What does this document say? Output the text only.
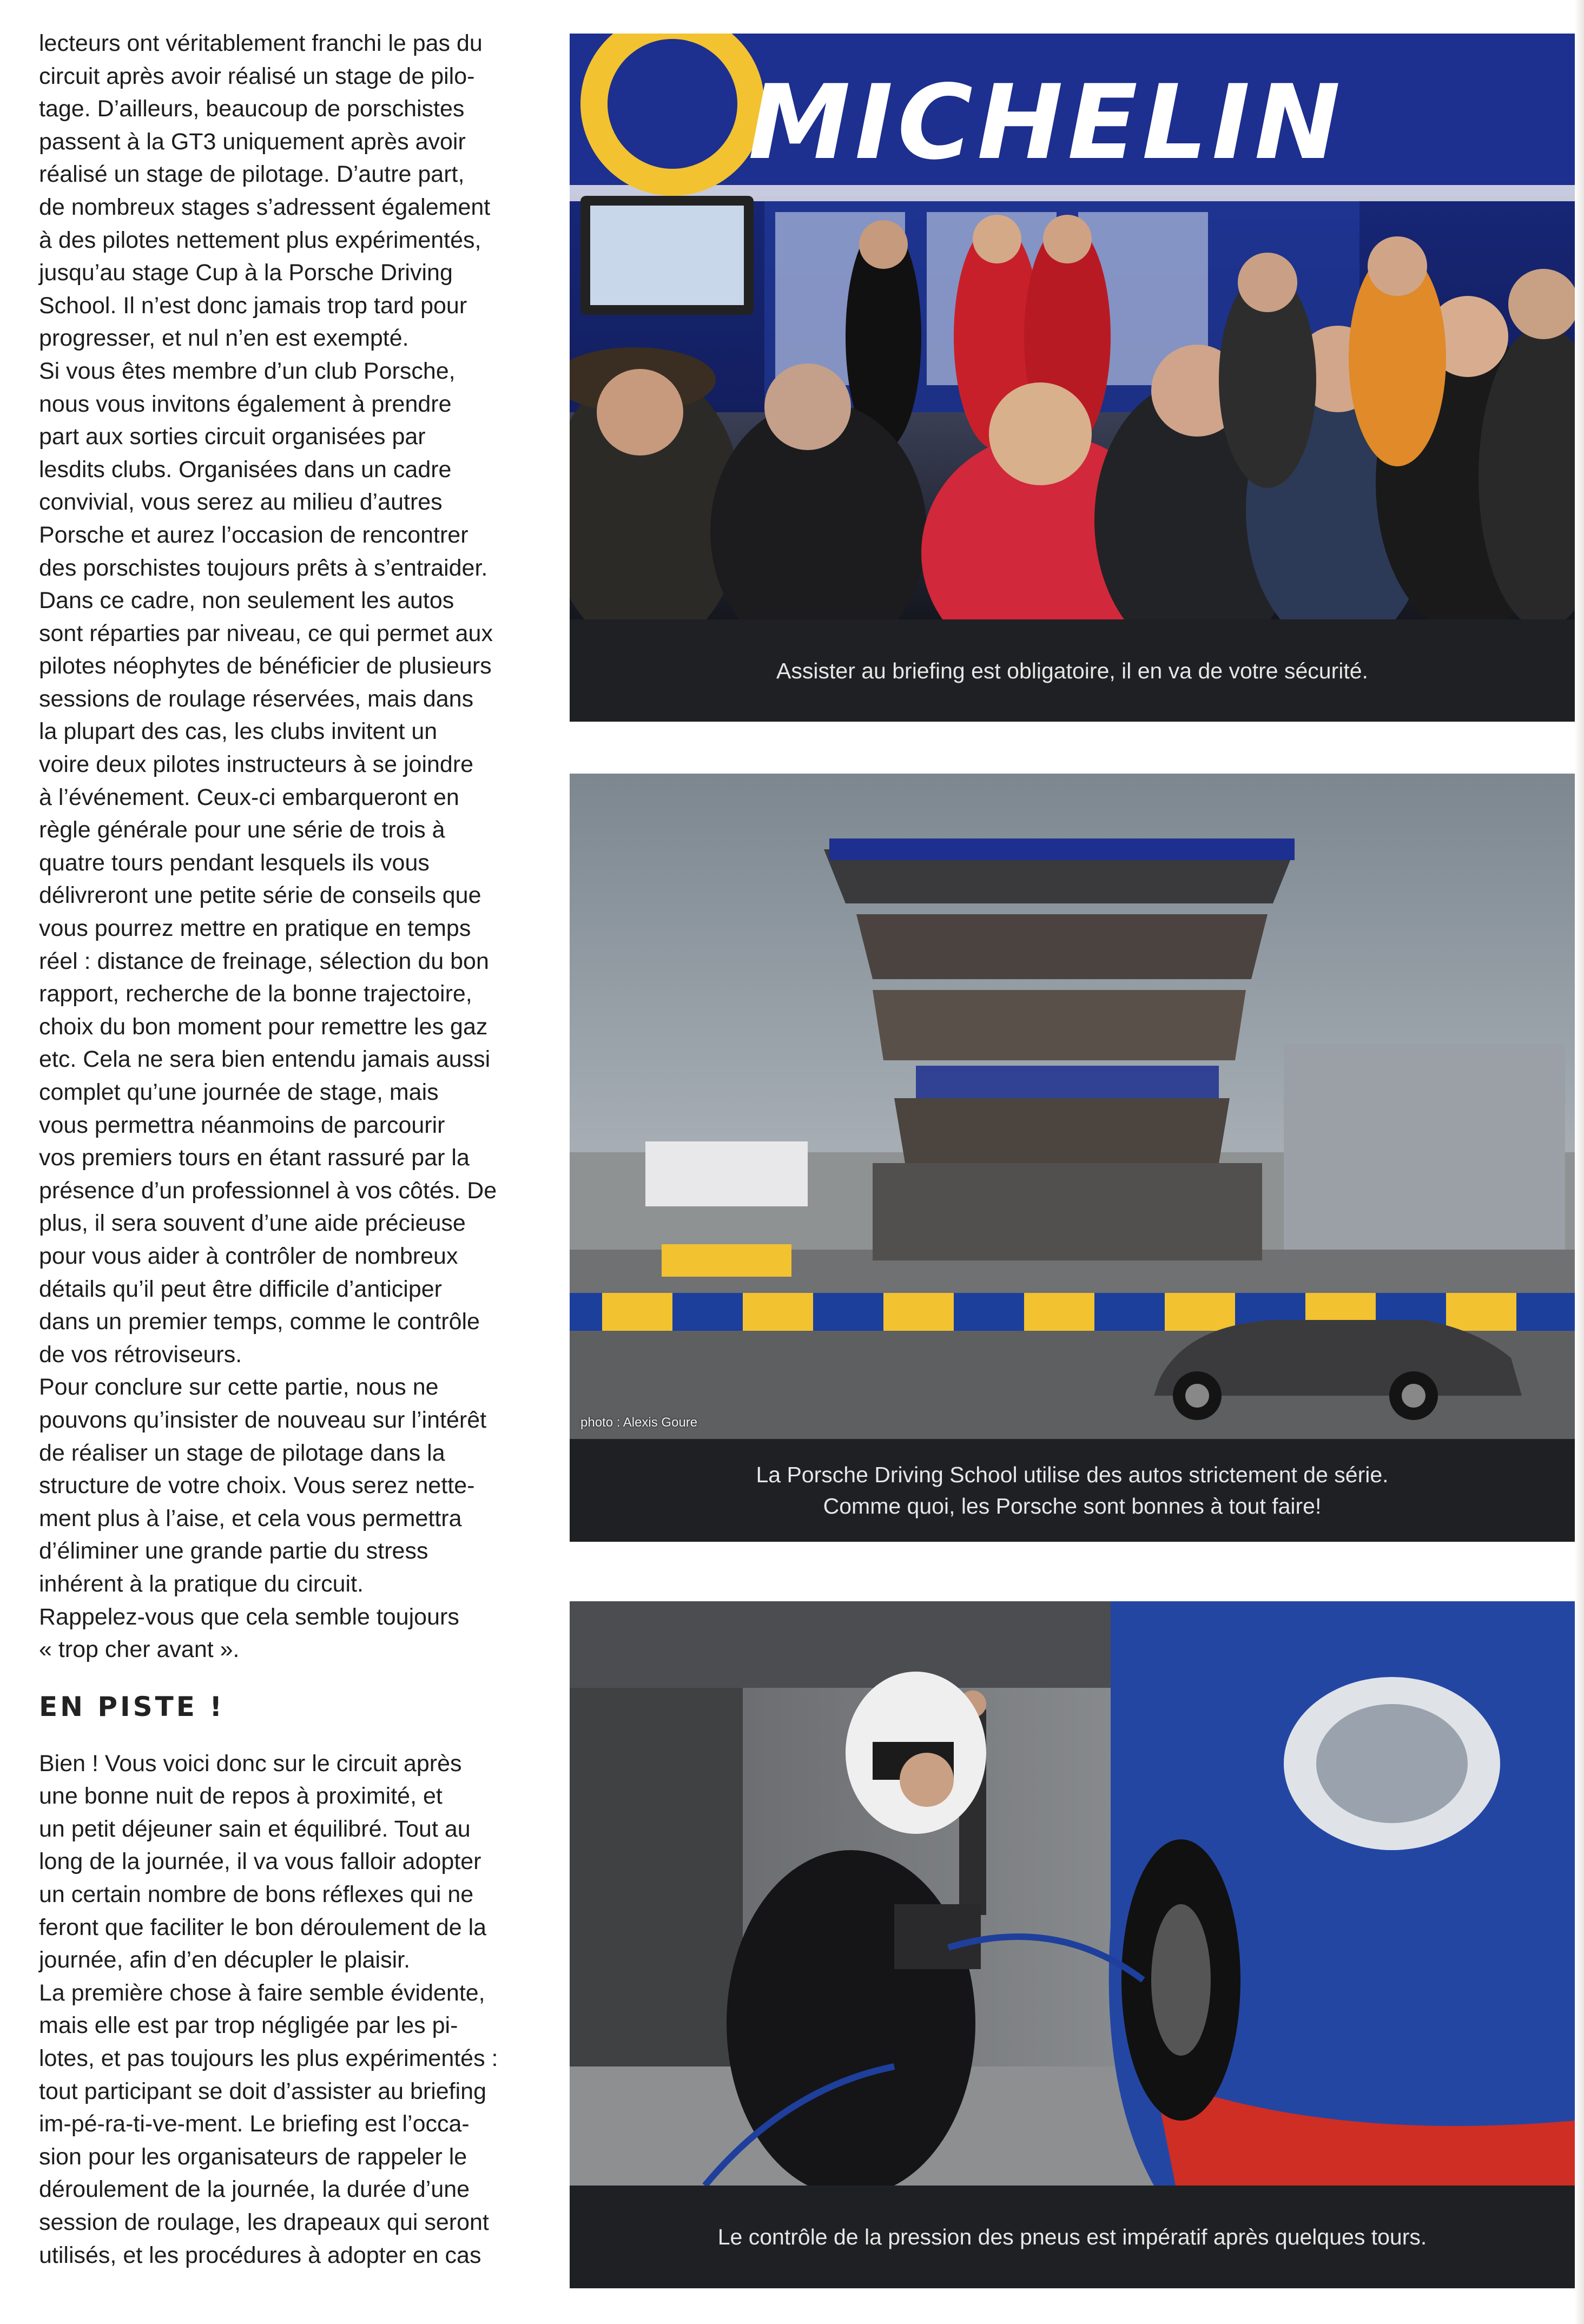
lecteurs ont véritablement franchi le pas du
circuit après avoir réalisé un stage de pilo-
tage. D’ailleurs, beaucoup de porschistes
passent à la GT3 uniquement après avoir
réalisé un stage de pilotage. D’autre part,
de nombreux stages s’adressent également
à des pilotes nettement plus expérimentés,
jusqu’au stage Cup à la Porsche Driving
School. Il n’est donc jamais trop tard pour
progresser, et nul n’en est exempté.

Si vous êtes membre d’un club Porsche,
nous vous invitons également à prendre
part aux sorties circuit organisées par
lesdits clubs. Organisées dans un cadre
convivial, vous serez au milieu d’autres
Porsche et aurez l’occasion de rencontrer
des porschistes toujours prêts à s’entraider.
Dans ce cadre, non seulement les autos
sont réparties par niveau, ce qui permet aux
pilotes néophytes de bénéficier de plusieurs
sessions de roulage réservées, mais dans
la plupart des cas, les clubs invitent un
voire deux pilotes instructeurs à se joindre
à l’événement. Ceux-ci embarqueront en
règle générale pour une série de trois à
quatre tours pendant lesquels ils vous
délivreront une petite série de conseils que
vous pourrez mettre en pratique en temps
réel : distance de freinage, sélection du bon
rapport, recherche de la bonne trajectoire,
choix du bon moment pour remettre les gaz
etc. Cela ne sera bien entendu jamais aussi
complet qu’une journée de stage, mais
vous permettra néanmoins de parcourir
vos premiers tours en étant rassuré par la
présence d’un professionnel à vos côtés. De
plus, il sera souvent d’une aide précieuse
pour vous aider à contrôler de nombreux
détails qu’il peut être difficile d’anticiper
dans un premier temps, comme le contrôle
de vos rétroviseurs.

Pour conclure sur cette partie, nous ne
pouvons qu’insister de nouveau sur l’intérêt
de réaliser un stage de pilotage dans la
structure de votre choix. Vous serez nette-
ment plus à l’aise, et cela vous permettra
d’éliminer une grande partie du stress
inhérent à la pratique du circuit.

Rappelez-vous que cela semble toujours
« trop cher avant ».

EN PISTE !

Bien ! Vous voici donc sur le circuit après
une bonne nuit de repos à proximité, et
un petit déjeuner sain et équilibré. Tout au
long de la journée, il va vous falloir adopter
un certain nombre de bons réflexes qui ne
feront que faciliter le bon déroulement de la
journée, afin d’en décupler le plaisir.

La première chose à faire semble évidente,
mais elle est par trop négligée par les pi-
lotes, et pas toujours les plus expérimentés :
tout participant se doit d’assister au briefing
im-pé-ra-ti-ve-ment. Le briefing est l’occa-
sion pour les organisateurs de rappeler le
déroulement de la journée, la durée d’une
session de roulage, les drapeaux qui seront
utilisés, et les procédures à adopter en cas

MICHELIN
Assister au briefing est obligatoire, il en va de votre sécurité.
photo : Alexis Goure
La Porsche Driving School utilise des autos strictement de série.
Comme quoi, les Porsche sont bonnes à tout faire!
Le contrôle de la pression des pneus est impératif après quelques tours.
